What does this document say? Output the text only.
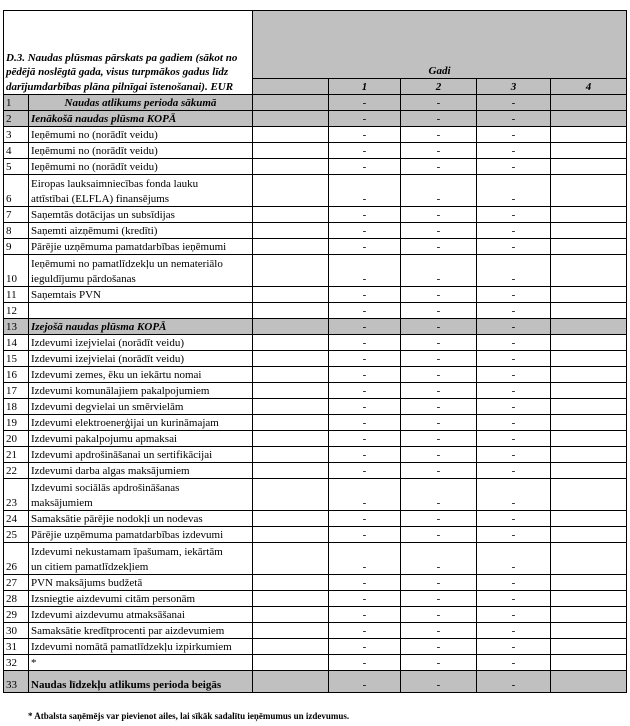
D.3. Naudas plūsmas pārskats pa gadiem (sākot no pēdējā noslēgtā gada, visus turpmākos gadus līdz darījumdarbības plāna pilnīgai īstenošanai). EUR		Gadi				
			1	2	3	4
1	Naudas atlikums perioda sākumā		-	-	-	
2	Ienākošā naudas plūsma KOPĀ		-	-	-	
3	Ieņēmumi no (norādīt veidu)		-	-	-	
4	Ieņēmumi no (norādīt veidu)		-	-	-	
5	Ieņēmumi no (norādīt veidu)		-	-	-	
6	Eiropas lauksaimniecības fonda lauku
attīstībai (ELFLA) finansējums		-	-	-	
7	Saņemtās dotācijas un subsīdijas		-	-	-	
8	Saņemti aizņēmumi (kredīti)		-	-	-	
9	Pārējie uzņēmuma pamatdarbības ieņēmumi		-	-	-	
10	Ieņēmumi no pamatlīdzekļu un nemateriālo
ieguldījumu pārdošanas		-	-	-	
11	Saņemtais PVN		-	-	-	
12			-	-	-	
13	Izejošā naudas plūsma KOPĀ		-	-	-	
14	Izdevumi izejvielai (norādīt veidu)		-	-	-	
15	Izdevumi izejvielai (norādīt veidu)		-	-	-	
16	Izdevumi zemes, ēku un iekārtu nomai		-	-	-	
17	Izdevumi komunālajiem pakalpojumiem		-	-	-	
18	Izdevumi degvielai un smērvielām		-	-	-	
19	Izdevumi elektroenerģijai un kurināmajam		-	-	-	
20	Izdevumi pakalpojumu apmaksai		-	-	-	
21	Izdevumi apdrošināšanai un sertifikācijai		-	-	-	
22	Izdevumi darba algas maksājumiem		-	-	-	
23	Izdevumi sociālās apdrošināšanas
maksājumiem		-	-	-	
24	Samaksātie pārējie nodokļi un nodevas		-	-	-	
25	Pārējie uzņēmuma pamatdarbības izdevumi		-	-	-	
26	Izdevumi nekustamam īpašumam, iekārtām
un citiem pamatlīdzekļiem		-	-	-	
27	PVN maksājums budžetā		-	-	-	
28	Izsniegtie aizdevumi citām personām		-	-	-	
29	Izdevumi aizdevumu atmaksāšanai		-	-	-	
30	Samaksātie kredītprocenti par aizdevumiem		-	-	-	
31	Izdevumi nomātā pamatlīdzekļu izpirkumiem		-	-	-	
32	*		-	-	-	
33	Naudas līdzekļu atlikums perioda beigās		-	-	-	
* Atbalsta saņēmējs var pievienot ailes, lai sīkāk sadalītu ieņēmumus un izdevumus.
